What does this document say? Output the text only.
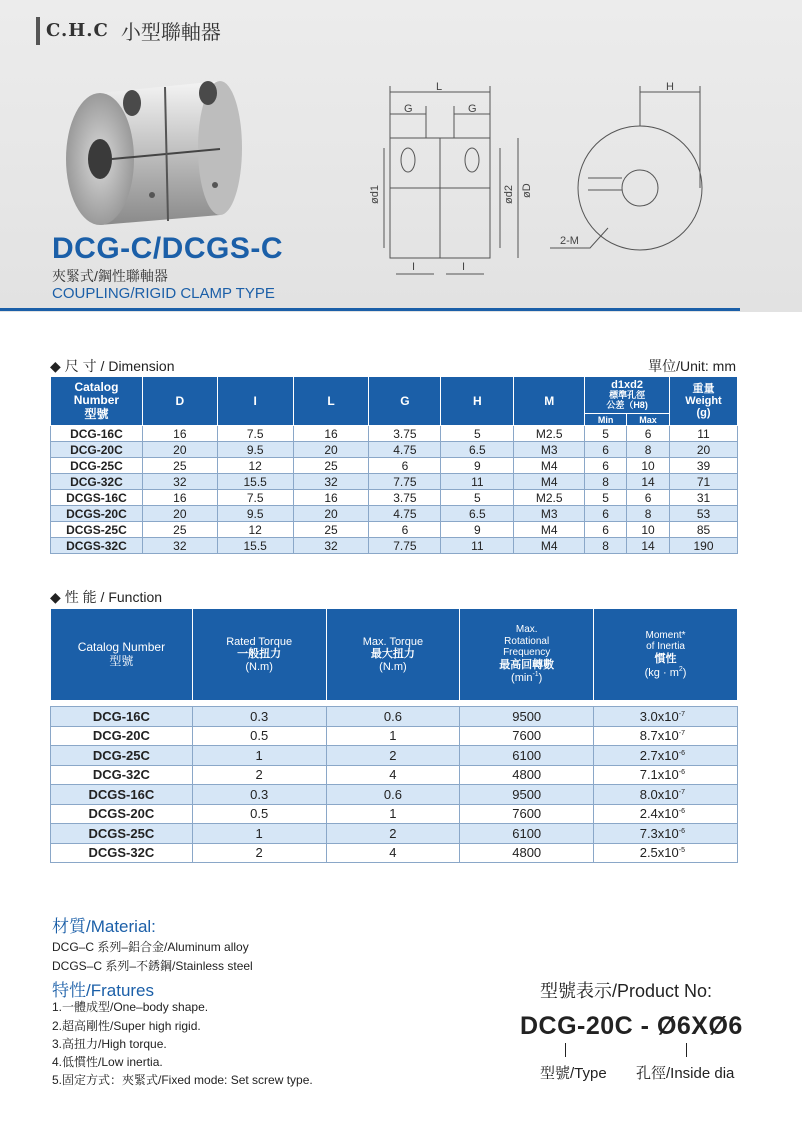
C.H.C 小型聯軸器
L
G	G
H
I	I
2-M
ød1	ød2 øD
DCG-C/DCGS-C
夾緊式/鋼性聯軸器
COUPLING/RIGID CLAMP TYPE
◆ 尺 寸 / Dimension	單位/Unit: mm
Catalog
Number
型號	D	I	L	G	H	M	d1xd2
標準孔徑
公差（H8)		重量
Weight
(g)
							Min	Max	
DCG-16C	16	7.5	16	3.75	5	M2.5	5	6	11
DCG-20C	20	9.5	20	4.75	6.5	M3	6	8	20
DCG-25C	25	12	25	6	9	M4	6	10	39
DCG-32C	32	15.5	32	7.75	11	M4	8	14	71
DCGS-16C	16	7.5	16	3.75	5	M2.5	5	6	31
DCGS-20C	20	9.5	20	4.75	6.5	M3	6	8	53
DCGS-25C	25	12	25	6	9	M4	6	10	85
DCGS-32C	32	15.5	32	7.75	11	M4	8	14	190
◆ 性 能 / Function
Catalog Number
型號	Rated Torque
一般扭力
(N.m)	Max. Torque
最大扭力
(N.m)	Max.
Rotational
Frequency
最高回轉數
$(\min^{-1})$	Moment*
of Inertia
慣性
$(kg \cdot m^2)$

DCG-16C	0.3	0.6	9500	$3.0x10^{-7}$
DCG-20C	0.5	1	7600	$8.7x10^{-7}$
DCG-25C	1	2	6100	$2.7x10^{-6}$
DCG-32C	2	4	4800	$7.1x10^{-6}$
DCGS-16C	0.3	0.6	9500	$8.0x10^{-7}$
DCGS-20C	0.5	1	7600	$2.4x10^{-6}$
DCGS-25C	1	2	6100	$7.3x10^{-6}$
DCGS-32C	2	4	4800	$2.5x10^{-5}$
材質/Material:
DCG–C 系列–鋁合金/Aluminum alloy
DCGS–C 系列–不銹鋼/Stainless steel
特性/Fratures
1.一體成型/One–body shape.
2.超高剛性/Super high rigid.
3.高扭力/High torque.
4.低慣性/Low inertia.
5.固定方式：夾緊式/Fixed mode: Set screw type.
型號表示/Product No:
DCG-20C - Ø6XØ6
型號/Type 孔徑/Inside dia
